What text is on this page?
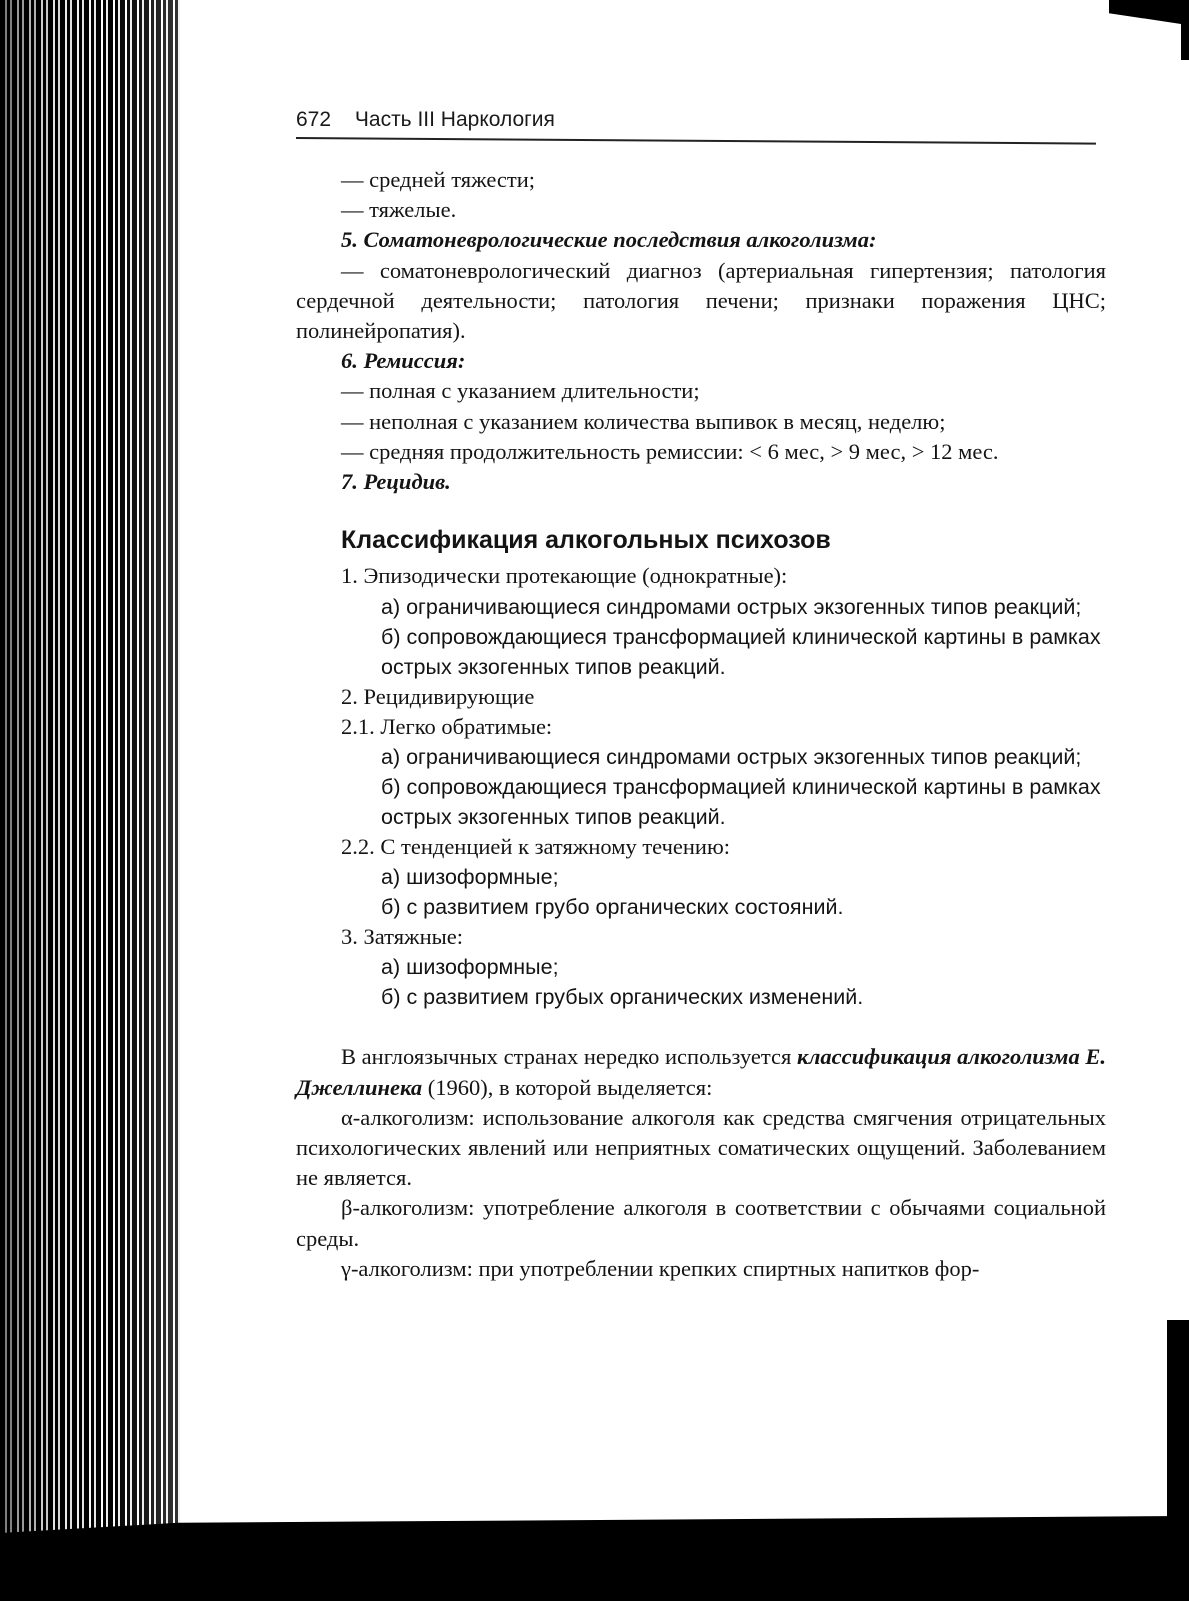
672 Часть III Наркология

— средней тяжести;

— тяжелые.

5. Соматоневрологические последствия алкоголизма:

— соматоневрологический диагноз (артериальная гипертензия; патология сердечной деятельности; патология печени; признаки поражения ЦНС; полинейропатия).

6. Ремиссия:

— полная с указанием длительности;

— неполная с указанием количества выпивок в месяц, неделю;

— средняя продолжительность ремиссии: < 6 мес, > 9 мес, > 12 мес.

7. Рецидив.

Классификация алкогольных психозов

1. Эпизодически протекающие (однократные):

а) ограничивающиеся синдромами острых экзогенных типов реакций;

б) сопровождающиеся трансформацией клинической картины в рамках острых экзогенных типов реакций.

2. Рецидивирующие

2.1. Легко обратимые:

а) ограничивающиеся синдромами острых экзогенных типов реакций;

б) сопровождающиеся трансформацией клинической картины в рамках острых экзогенных типов реакций.

2.2. С тенденцией к затяжному течению:

а) шизоформные;

б) с развитием грубо органических состояний.

3. Затяжные:

а) шизоформные;

б) с развитием грубых органических изменений.

В англоязычных странах нередко используется классификация алкоголизма Е. Джеллинека (1960), в которой выделяется:

α-алкоголизм: использование алкоголя как средства смягчения отрицательных психологических явлений или неприятных соматических ощущений. Заболеванием не является.

β-алкоголизм: употребление алкоголя в соответствии с обычаями социальной среды.

γ-алкоголизм: при употреблении крепких спиртных напитков фор-
